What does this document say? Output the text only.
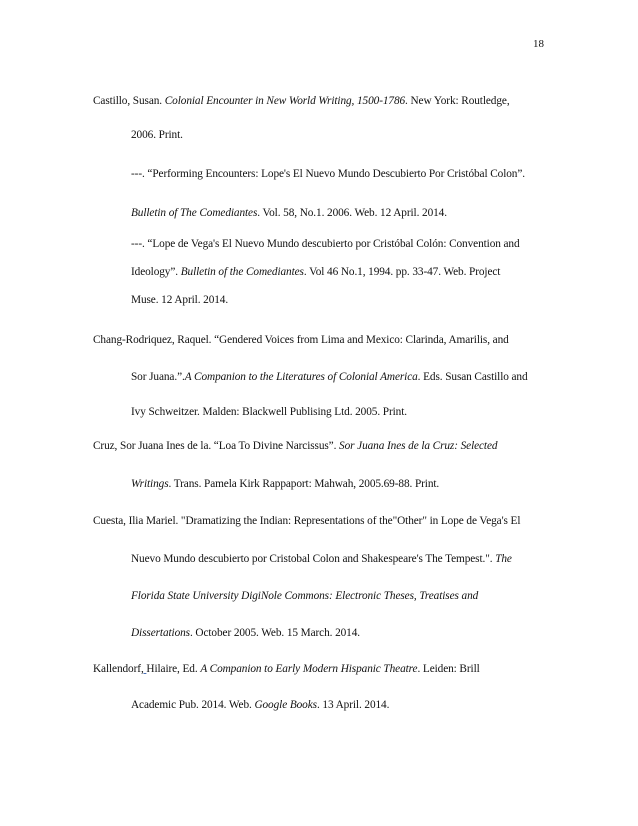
18
Castillo, Susan. Colonial Encounter in New World Writing, 1500-1786. New York: Routledge,
2006. Print.
---. “Performing Encounters: Lope's El Nuevo Mundo Descubierto Por Cristóbal Colon”.
Bulletin of The Comediantes. Vol. 58, No.1. 2006. Web. 12 April. 2014.
---. “Lope de Vega's El Nuevo Mundo descubierto por Cristóbal Colón: Convention and
Ideology”. Bulletin of the Comediantes. Vol 46 No.1, 1994. pp. 33-47. Web. Project
Muse. 12 April. 2014.
Chang-Rodriquez, Raquel. “Gendered Voices from Lima and Mexico: Clarinda, Amarilis, and
Sor Juana.”.A Companion to the Literatures of Colonial America. Eds. Susan Castillo and
Ivy Schweitzer. Malden: Blackwell Publising Ltd. 2005. Print.
Cruz, Sor Juana Ines de la. “Loa To Divine Narcissus”. Sor Juana Ines de la Cruz: Selected
Writings. Trans. Pamela Kirk Rappaport: Mahwah, 2005.69-88. Print.
Cuesta, Ilia Mariel. "Dramatizing the Indian: Representations of the"Other" in Lope de Vega's El
Nuevo Mundo descubierto por Cristobal Colon and Shakespeare's The Tempest.". The
Florida State University DigiNole Commons: Electronic Theses, Treatises and
Dissertations. October 2005. Web. 15 March. 2014.
Kallendorf, Hilaire, Ed. A Companion to Early Modern Hispanic Theatre. Leiden: Brill
Academic Pub. 2014. Web. Google Books. 13 April. 2014.
